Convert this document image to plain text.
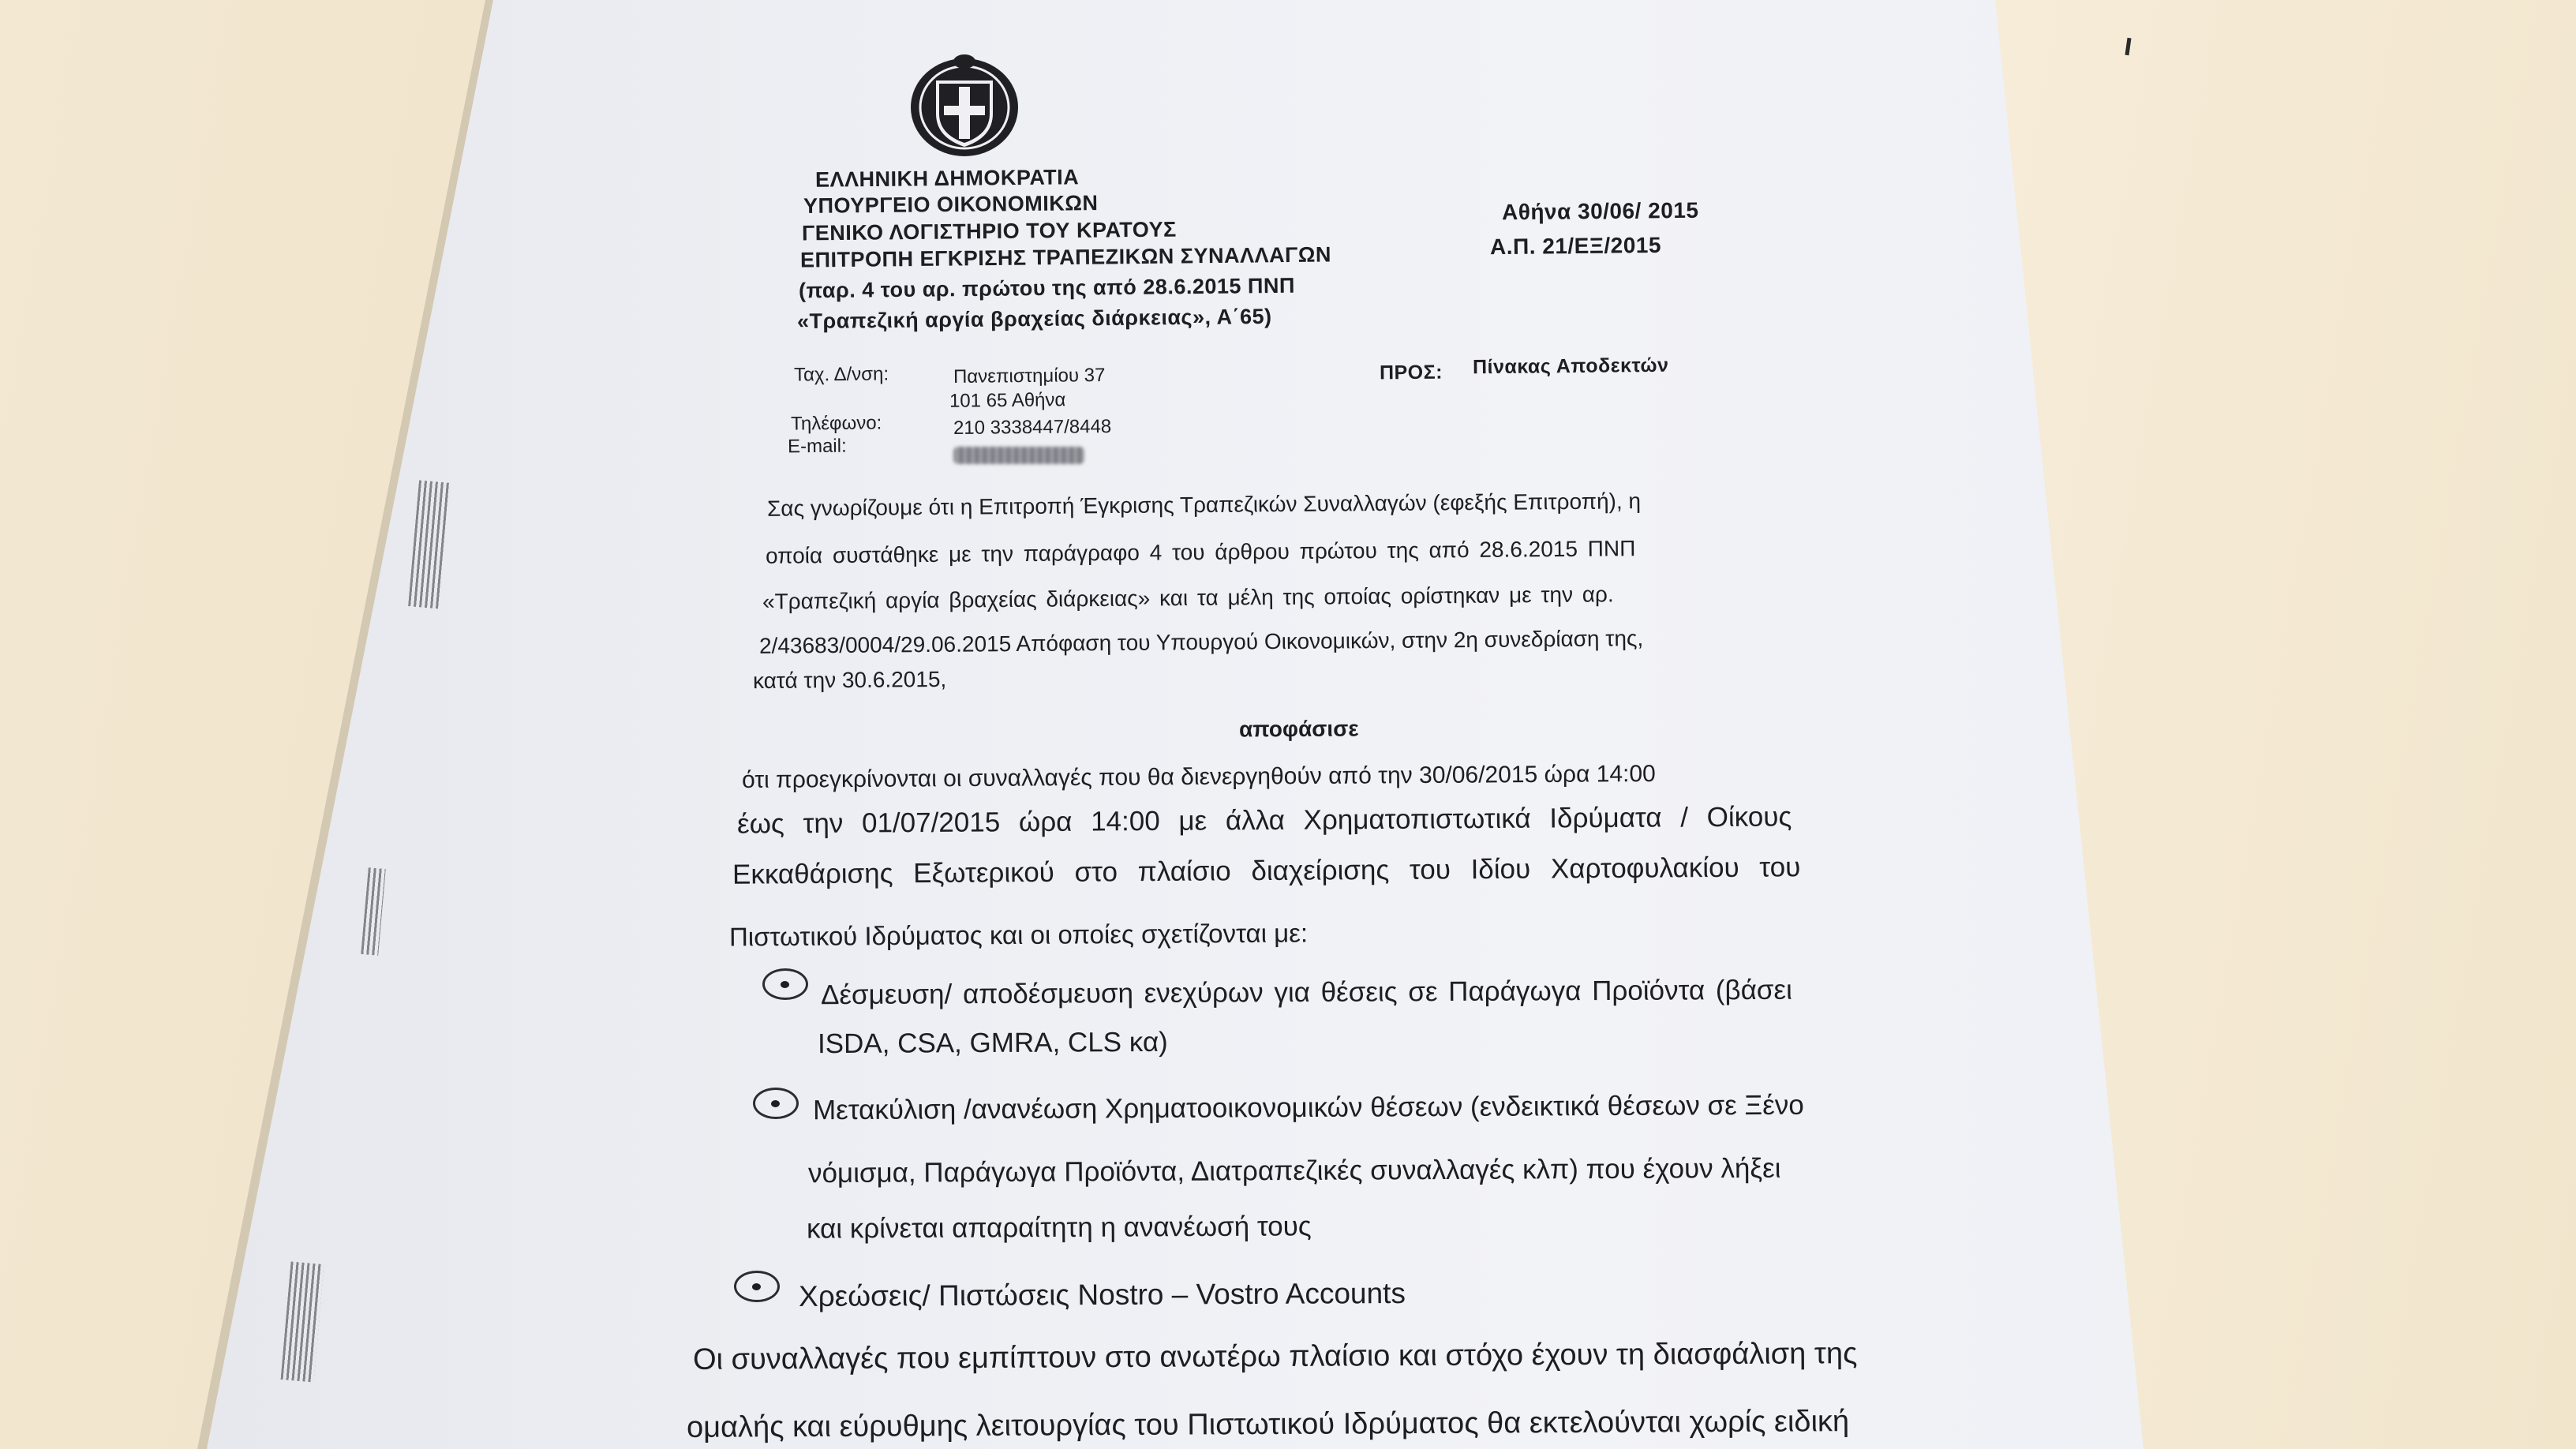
ΕΛΛΗΝΙΚΗ ΔΗΜΟΚΡΑΤΙΑ
ΥΠΟΥΡΓΕΙΟ ΟΙΚΟΝΟΜΙΚΩΝ
ΓΕΝΙΚΟ ΛΟΓΙΣΤΗΡΙΟ ΤΟΥ ΚΡΑΤΟΥΣ
ΕΠΙΤΡΟΠΗ ΕΓΚΡΙΣΗΣ ΤΡΑΠΕΖΙΚΩΝ ΣΥΝΑΛΛΑΓΩΝ
(παρ. 4 του αρ. πρώτου της από 28.6.2015 ΠΝΠ
«Τραπεζική αργία βραχείας διάρκειας», Α΄65)
Αθήνα 30/06/ 2015
Α.Π. 21/ΕΞ/2015
Ταχ. Δ/νση:	Πανεπιστημίου 37
101 65 Αθήνα
Τηλέφωνο:	210 3338447/8448
E-mail:
ΠΡΟΣ: Πίνακας Αποδεκτών
Σας γνωρίζουμε ότι η Επιτροπή Έγκρισης Τραπεζικών Συναλλαγών (εφεξής Επιτροπή), η
οποία συστάθηκε με την παράγραφο 4 του άρθρου πρώτου της από 28.6.2015 ΠΝΠ
«Τραπεζική αργία βραχείας διάρκειας» και τα μέλη της οποίας ορίστηκαν με την αρ.
2/43683/0004/29.06.2015 Απόφαση του Υπουργού Οικονομικών, στην 2η συνεδρίαση της,
κατά την 30.6.2015,
αποφάσισε
ότι προεγκρίνονται οι συναλλαγές που θα διενεργηθούν από την 30/06/2015 ώρα 14:00
έως την 01/07/2015 ώρα 14:00 με άλλα Χρηματοπιστωτικά Ιδρύματα / Οίκους
Εκκαθάρισης Εξωτερικού στο πλαίσιο διαχείρισης του Ιδίου Χαρτοφυλακίου του
Πιστωτικού Ιδρύματος και οι οποίες σχετίζονται με:
Δέσμευση/ αποδέσμευση ενεχύρων για θέσεις σε Παράγωγα Προϊόντα (βάσει
ISDA, CSA, GMRA, CLS κα)
Μετακύλιση /ανανέωση Χρηματοοικονομικών θέσεων (ενδεικτικά θέσεων σε Ξένο
νόμισμα, Παράγωγα Προϊόντα, Διατραπεζικές συναλλαγές κλπ) που έχουν λήξει
και κρίνεται απαραίτητη η ανανέωσή τους
Χρεώσεις/ Πιστώσεις Nostro – Vostro Accounts
Οι συναλλαγές που εμπίπτουν στο ανωτέρω πλαίσιο και στόχο έχουν τη διασφάλιση της
ομαλής και εύρυθμης λειτουργίας του Πιστωτικού Ιδρύματος θα εκτελούνται χωρίς ειδική
